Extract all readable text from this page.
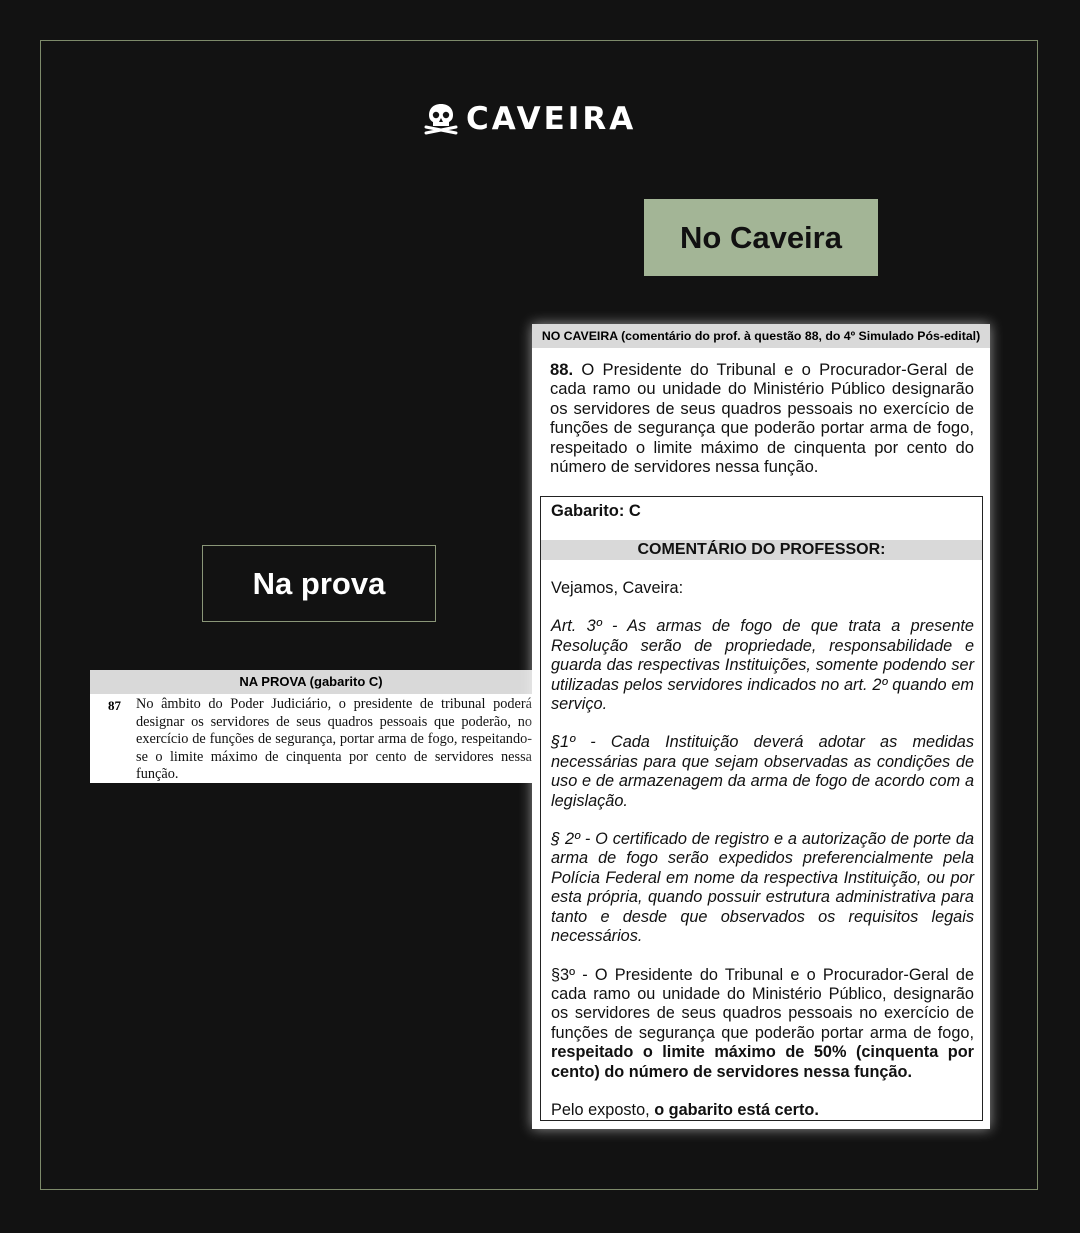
CAVEIRA
No Caveira
Na prova
NA PROVA (gabarito C)
87 No âmbito do Poder Judiciário, o presidente de tribunal poderá designar os servidores de seus quadros pessoais que poderão, no exercício de funções de segurança, portar arma de fogo, respeitando-se o limite máximo de cinquenta por cento de servidores nessa função.
NO CAVEIRA (comentário do prof. à questão 88, do 4º Simulado Pós-edital)
88. O Presidente do Tribunal e o Procurador-Geral de cada ramo ou unidade do Ministério Público designarão os servidores de seus quadros pessoais no exercício de funções de segurança que poderão portar arma de fogo, respeitado o limite máximo de cinquenta por cento do número de servidores nessa função.
Gabarito: C
COMENTÁRIO DO PROFESSOR:

Vejamos, Caveira:

Art. 3º - As armas de fogo de que trata a presente Resolução serão de propriedade, responsabilidade e guarda das respectivas Instituições, somente podendo ser utilizadas pelos servidores indicados no art. 2º quando em serviço.

§1º - Cada Instituição deverá adotar as medidas necessárias para que sejam observadas as condições de uso e de armazenagem da arma de fogo de acordo com a legislação.

§ 2º - O certificado de registro e a autorização de porte da arma de fogo serão expedidos preferencialmente pela Polícia Federal em nome da respectiva Instituição, ou por esta própria, quando possuir estrutura administrativa para tanto e desde que observados os requisitos legais necessários.

§3º - O Presidente do Tribunal e o Procurador-Geral de cada ramo ou unidade do Ministério Público, designarão os servidores de seus quadros pessoais no exercício de funções de segurança que poderão portar arma de fogo, respeitado o limite máximo de 50% (cinquenta por cento) do número de servidores nessa função.

Pelo exposto, o gabarito está certo.
